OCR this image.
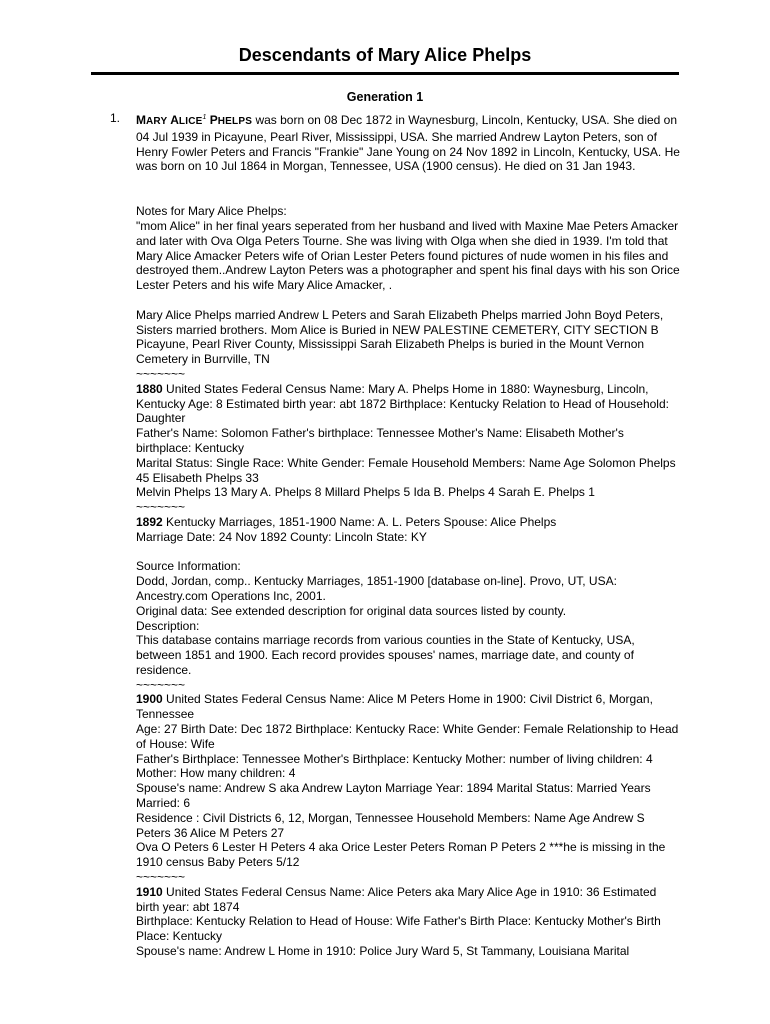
Descendants of Mary Alice Phelps
Generation 1
1. MARY ALICE$^1$ PHELPS was born on 08 Dec 1872 in Waynesburg, Lincoln, Kentucky, USA. She died on 04 Jul 1939 in Picayune, Pearl River, Mississippi, USA. She married Andrew Layton Peters, son of Henry Fowler Peters and Francis "Frankie" Jane Young on 24 Nov 1892 in Lincoln, Kentucky, USA. He was born on 10 Jul 1864 in Morgan, Tennessee, USA (1900 census). He died on 31 Jan 1943.

Notes for Mary Alice Phelps:

"mom Alice" in her final years seperated from her husband and lived with Maxine Mae Peters Amacker and later with Ova Olga Peters Tourne. She was living with Olga when she died in 1939. I'm told that Mary Alice Amacker Peters wife of Orian Lester Peters found pictures of nude women in his files and destroyed them..Andrew Layton Peters was a photographer and spent his final days with his son Orice Lester Peters and his wife Mary Alice Amacker, .

Mary Alice Phelps married Andrew L Peters and Sarah Elizabeth Phelps married John Boyd Peters, Sisters married brothers. Mom Alice is Buried in NEW PALESTINE CEMETERY, CITY SECTION B Picayune, Pearl River County, Mississippi Sarah Elizabeth Phelps is buried in the Mount Vernon Cemetery in Burrville, TN

~~~~~~~

1880 United States Federal Census Name: Mary A. Phelps Home in 1880: Waynesburg, Lincoln, Kentucky Age: 8 Estimated birth year: abt 1872 Birthplace: Kentucky Relation to Head of Household: Daughter
Father's Name: Solomon Father's birthplace: Tennessee Mother's Name: Elisabeth Mother's birthplace: Kentucky
Marital Status: Single Race: White Gender: Female Household Members: Name Age Solomon Phelps 45 Elisabeth Phelps 33
Melvin Phelps 13 Mary A. Phelps 8 Millard Phelps 5 Ida B. Phelps 4 Sarah E. Phelps 1

~~~~~~~

1892 Kentucky Marriages, 1851-1900 Name: A. L. Peters Spouse: Alice Phelps
Marriage Date: 24 Nov 1892 County: Lincoln State: KY

Source Information:
Dodd, Jordan, comp.. Kentucky Marriages, 1851-1900 [database on-line]. Provo, UT, USA: Ancestry.com Operations Inc, 2001.
Original data: See extended description for original data sources listed by county.
Description:
This database contains marriage records from various counties in the State of Kentucky, USA, between 1851 and 1900. Each record provides spouses' names, marriage date, and county of residence.

~~~~~~~

1900 United States Federal Census Name: Alice M Peters Home in 1900: Civil District 6, Morgan, Tennessee
Age: 27 Birth Date: Dec 1872 Birthplace: Kentucky Race: White Gender: Female Relationship to Head of House: Wife
Father's Birthplace: Tennessee Mother's Birthplace: Kentucky Mother: number of living children: 4 Mother: How many children: 4
Spouse's name: Andrew S aka Andrew Layton Marriage Year: 1894 Marital Status: Married Years Married: 6
Residence : Civil Districts 6, 12, Morgan, Tennessee Household Members: Name Age Andrew S Peters 36 Alice M Peters 27
Ova O Peters 6 Lester H Peters 4 aka Orice Lester Peters Roman P Peters 2 ***he is missing in the 1910 census Baby Peters 5/12

~~~~~~~

1910 United States Federal Census Name: Alice Peters aka Mary Alice Age in 1910: 36 Estimated birth year: abt 1874
Birthplace: Kentucky Relation to Head of House: Wife Father's Birth Place: Kentucky Mother's Birth Place: Kentucky
Spouse's name: Andrew L Home in 1910: Police Jury Ward 5, St Tammany, Louisiana Marital
